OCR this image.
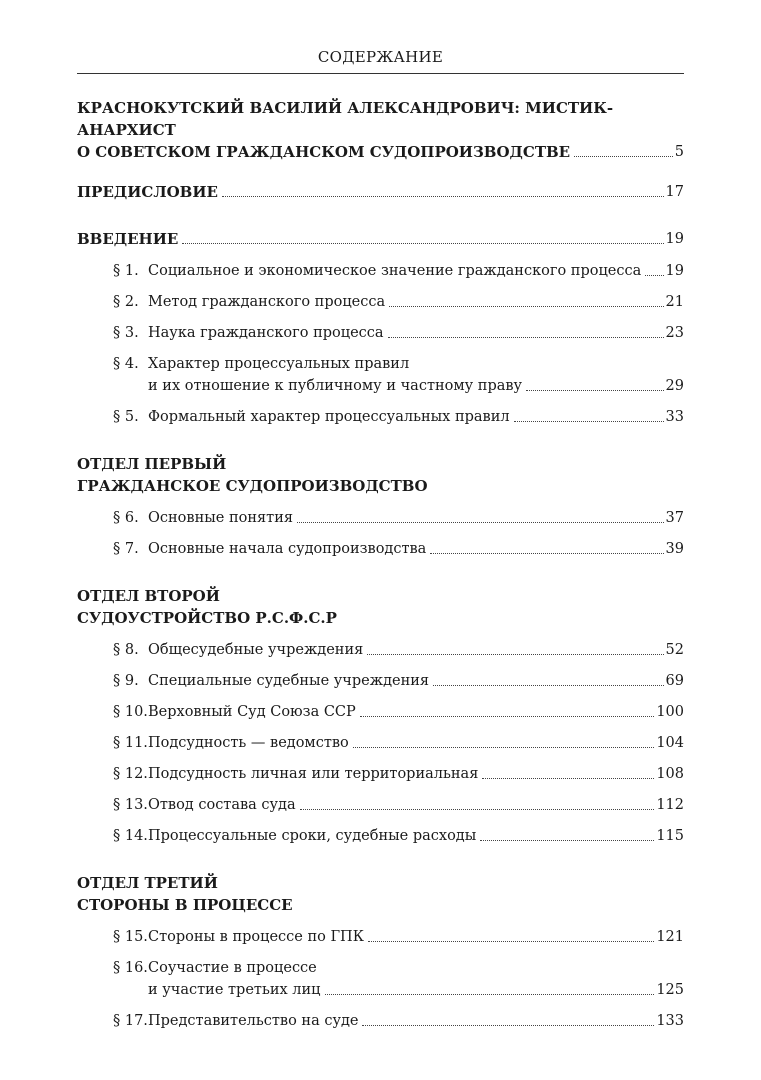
СОДЕРЖАНИЕ
КРАСНОКУТСКИЙ ВАСИЛИЙ АЛЕКСАНДРОВИЧ: МИСТИК-АНАРХИСТ
О СОВЕТСКОМ ГРАЖДАНСКОМ СУДОПРОИЗВОДСТВЕ	5
ПРЕДИСЛОВИЕ	17
ВВЕДЕНИЕ	19
§ 1. Социальное и экономическое значение гражданского процесса 19
§ 2. Метод гражданского процесса	21
§ 3. Наука гражданского процесса	23
§ 4. Характер процессуальных правил
и их отношение к публичному и частному праву	29
§ 5. Формальный характер процессуальных правил	33
ОТДЕЛ ПЕРВЫЙ
ГРАЖДАНСКОЕ СУДОПРОИЗВОДСТВО
§ 6. Основные понятия	37
§ 7. Основные начала судопроизводства	39
ОТДЕЛ ВТОРОЙ
СУДОУСТРОЙСТВО Р.С.Ф.С.Р
§ 8. Общесудебные учреждения	52
§ 9. Специальные судебные учреждения	69
§ 10. Верховный Суд Союза ССР	100
§ 11. Подсудность — ведомство	104
§ 12. Подсудность личная или территориальная	108
§ 13. Отвод состава суда	112
§ 14. Процессуальные сроки, судебные расходы	115
ОТДЕЛ ТРЕТИЙ
СТОРОНЫ В ПРОЦЕССЕ
§ 15. Стороны в процессе по ГПК	121
§ 16. Соучастие в процессе
и участие третьих лиц	125
§ 17. Представительство на суде	133
